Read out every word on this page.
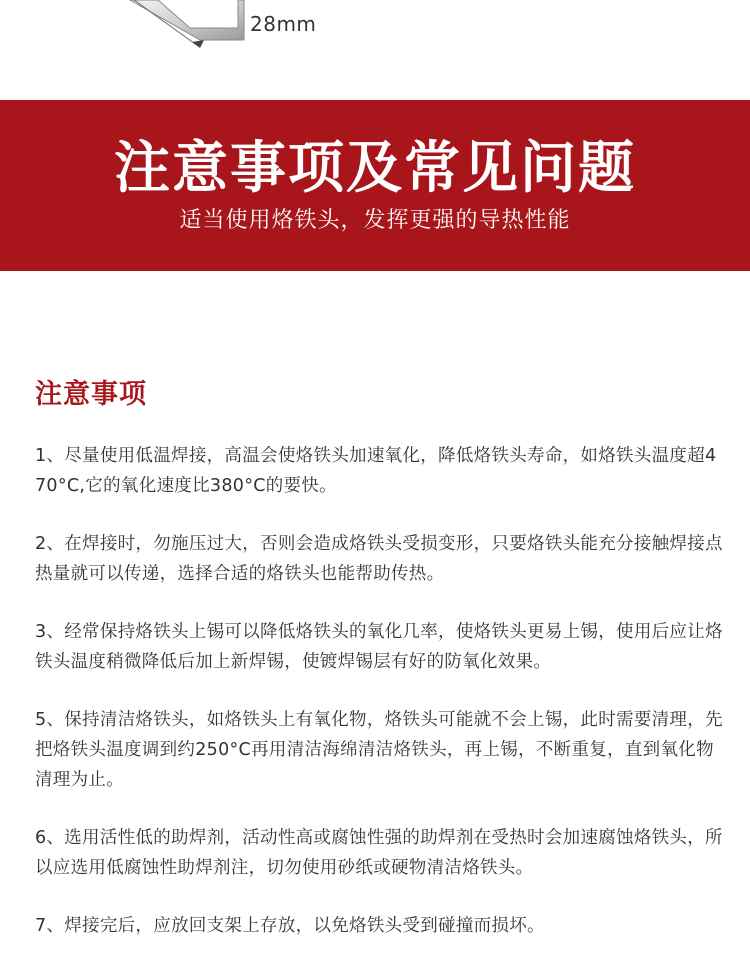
28mm
注意事项及常见问题
适当使用烙铁头，发挥更强的导热性能
注意事项
1、尽量使用低温焊接，高温会使烙铁头加速氧化，降低烙铁头寿命，如烙铁头温度超470°C,它的氧化速度比380°C的要快。
2、在焊接时，勿施压过大，否则会造成烙铁头受损变形，只要烙铁头能充分接触焊接点热量就可以传递，选择合适的烙铁头也能帮助传热。
3、经常保持烙铁头上锡可以降低烙铁头的氧化几率，使烙铁头更易上锡，使用后应让烙铁头温度稍微降低后加上新焊锡，使镀焊锡层有好的防氧化效果。
5、保持清洁烙铁头，如烙铁头上有氧化物，烙铁头可能就不会上锡，此时需要清理，先把烙铁头温度调到约250°C再用清洁海绵清洁烙铁头，再上锡，不断重复，直到氧化物清理为止。
6、选用活性低的助焊剂，活动性高或腐蚀性强的助焊剂在受热时会加速腐蚀烙铁头，所以应选用低腐蚀性助焊剂注，切勿使用砂纸或硬物清洁烙铁头。
7、焊接完后，应放回支架上存放，以免烙铁头受到碰撞而损坏。
